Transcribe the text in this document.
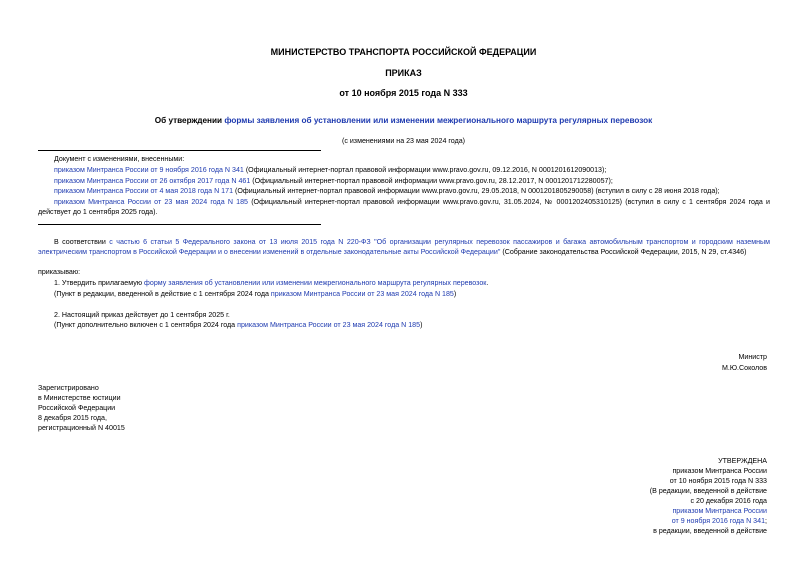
МИНИСТЕРСТВО ТРАНСПОРТА РОССИЙСКОЙ ФЕДЕРАЦИИ
ПРИКАЗ
от 10 ноября 2015 года N 333
Об утверждении формы заявления об установлении или изменении межрегионального маршрута регулярных перевозок
(с изменениями на 23 мая 2024 года)
Документ с изменениями, внесенными:
приказом Минтранса России от 9 ноября 2016 года N 341 (Официальный интернет-портал правовой информации www.pravo.gov.ru, 09.12.2016, N 0001201612090013);
приказом Минтранса России от 26 октября 2017 года N 461 (Официальный интернет-портал правовой информации www.pravo.gov.ru, 28.12.2017, N 0001201712280057);
приказом Минтранса России от 4 мая 2018 года N 171 (Официальный интернет-портал правовой информации www.pravo.gov.ru, 29.05.2018, N 0001201805290058) (вступил в силу с 28 июня 2018 года);
приказом Минтранса России от 23 мая 2024 года N 185 (Официальный интернет-портал правовой информации www.pravo.gov.ru, 31.05.2024, № 0001202405310125) (вступил в силу с 1 сентября 2024 года и действует до 1 сентября 2025 года).
В соответствии с частью 6 статьи 5 Федерального закона от 13 июля 2015 года N 220-ФЗ "Об организации регулярных перевозок пассажиров и багажа автомобильным транспортом и городским наземным электрическим транспортом в Российской Федерации и о внесении изменений в отдельные законодательные акты Российской Федерации" (Собрание законодательства Российской Федерации, 2015, N 29, ст.4346)
приказываю:
1. Утвердить прилагаемую форму заявления об установлении или изменении межрегионального маршрута регулярных перевозок.
(Пункт в редакции, введенной в действие с 1 сентября 2024 года приказом Минтранса России от 23 мая 2024 года N 185)
2. Настоящий приказ действует до 1 сентября 2025 г.
(Пункт дополнительно включен с 1 сентября 2024 года приказом Минтранса России от 23 мая 2024 года N 185)
Министр
М.Ю.Соколов
Зарегистрировано
в Министерстве юстиции
Российской Федерации
8 декабря 2015 года,
регистрационный N 40015
УТВЕРЖДЕНА
приказом Минтранса России
от 10 ноября 2015 года N 333
(В редакции, введенной в действие
с 20 декабря 2016 года
приказом Минтранса России
от 9 ноября 2016 года N 341;
в редакции, введенной в действие
